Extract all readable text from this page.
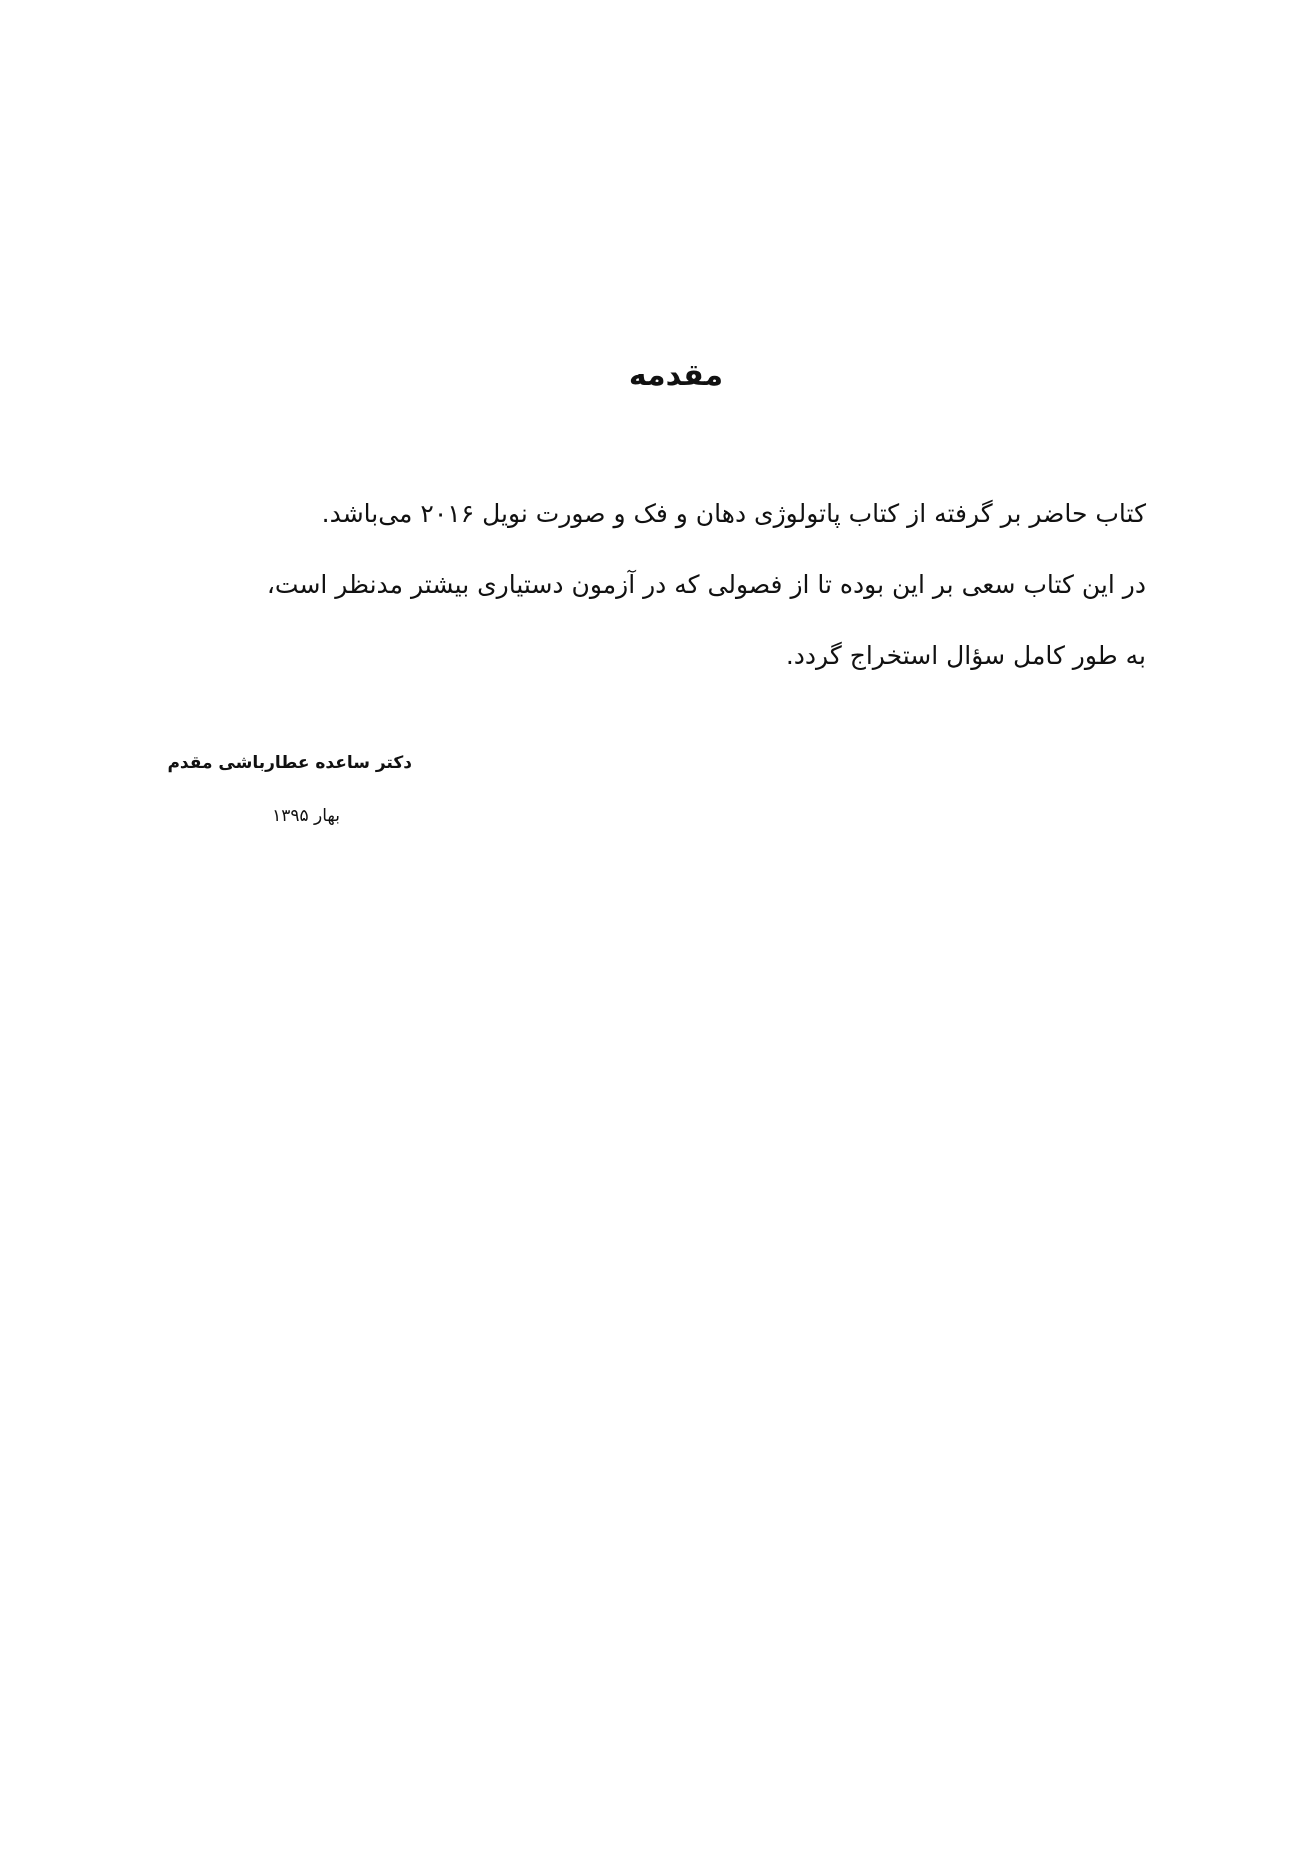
مقدمه

کتاب حاضر بر گرفته از کتاب پاتولوژی دهان و فک و صورت نویل ۲۰۱۶ می‌باشد.

در این کتاب سعی بر این بوده تا از فصولی که در آزمون دستیاری بیشتر مدنظر است،

به طور کامل سؤال استخراج گردد.

دکتر ساعده عطارباشی مقدم
بهار ۱۳۹۵
